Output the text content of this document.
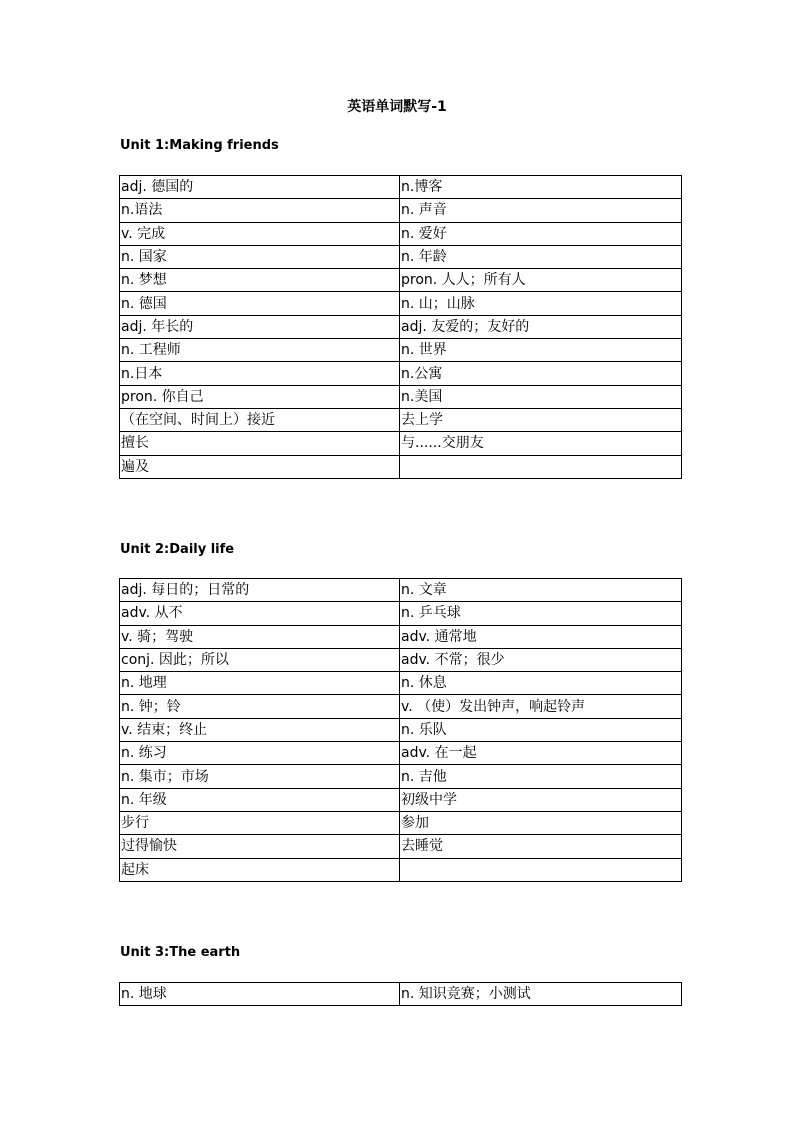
英语单词默写-1
Unit 1:Making friends
adj. 德国的	n.博客
n.语法	n. 声音
v. 完成	n. 爱好
n. 国家	n. 年龄
n. 梦想	pron. 人人；所有人
n. 德国	n. 山；山脉
adj. 年长的	adj. 友爱的；友好的
n. 工程师	n. 世界
n.日本	n.公寓
pron. 你自己	n.美国
（在空间、时间上）接近	去上学
擅长	与......交朋友
遍及	
Unit 2:Daily life
adj. 每日的；日常的	n. 文章
adv. 从不	n. 乒乓球
v. 骑；驾驶	adv. 通常地
conj. 因此；所以	adv. 不常；很少
n. 地理	n. 休息
n. 钟；铃	v. （使）发出钟声，响起铃声
v. 结束；终止	n. 乐队
n. 练习	adv. 在一起
n. 集市；市场	n. 吉他
n. 年级	初级中学
步行	参加
过得愉快	去睡觉
起床	
Unit 3:The earth
n. 地球	n. 知识竞赛；小测试
